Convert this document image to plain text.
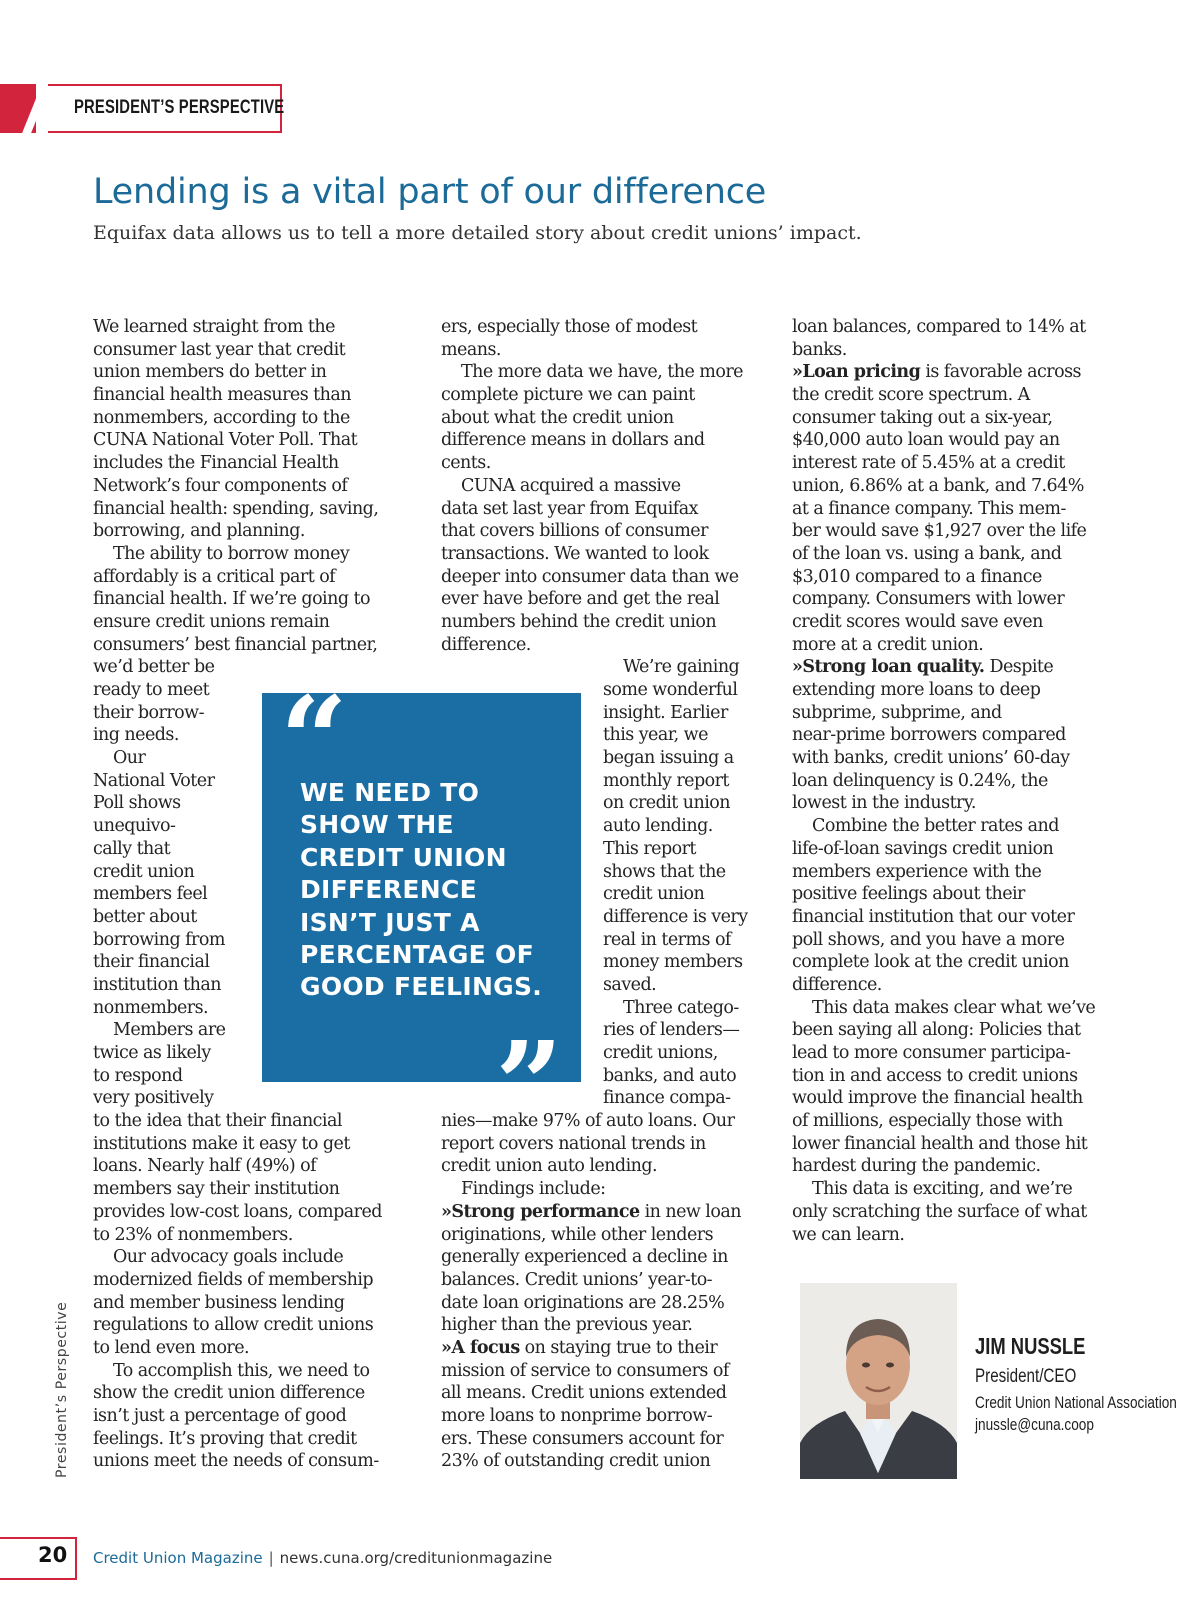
PRESIDENT’S PERSPECTIVE
Lending is a vital part of our difference
Equifax data allows us to tell a more detailed story about credit unions’ impact.
We learned straight from the
consumer last year that credit
union members do better in
financial health measures than
nonmembers, according to the
CUNA National Voter Poll. That
includes the Financial Health
Network’s four components of
financial health: spending, saving,
borrowing, and planning.
The ability to borrow money
affordably is a critical part of
financial health. If we’re going to
ensure credit unions remain
consumers’ best financial partner,
we’d better be
ready to meet
their borrow-
ing needs.
Our
National Voter
Poll shows
unequivo-
cally that
credit union
members feel
better about
borrowing from
their financial
institution than
nonmembers.
Members are
twice as likely
to respond
very positively
to the idea that their financial
institutions make it easy to get
loans. Nearly half (49%) of
members say their institution
provides low-cost loans, compared
to 23% of nonmembers.
Our advocacy goals include
modernized fields of membership
and member business lending
regulations to allow credit unions
to lend even more.
To accomplish this, we need to
show the credit union difference
isn’t just a percentage of good
feelings. It’s proving that credit
unions meet the needs of consum-
ers, especially those of modest
means.
The more data we have, the more
complete picture we can paint
about what the credit union
difference means in dollars and
cents.
CUNA acquired a massive
data set last year from Equifax
that covers billions of consumer
transactions. We wanted to look
deeper into consumer data than we
ever have before and get the real
numbers behind the credit union
difference.
We’re gaining
some wonderful
insight. Earlier
this year, we
began issuing a
monthly report
on credit union
auto lending.
This report
shows that the
credit union
difference is very
real in terms of
money members
saved.
Three catego-
ries of lenders—
credit unions,
banks, and auto
finance compa-
nies—make 97% of auto loans. Our
report covers national trends in
credit union auto lending.
Findings include:
»Strong performance in new loan
originations, while other lenders
generally experienced a decline in
balances. Credit unions’ year-to-
date loan originations are 28.25%
higher than the previous year.
»A focus on staying true to their
mission of service to consumers of
all means. Credit unions extended
more loans to nonprime borrow-
ers. These consumers account for
23% of outstanding credit union
loan balances, compared to 14% at
banks.
»Loan pricing is favorable across
the credit score spectrum. A
consumer taking out a six-year,
$40,000 auto loan would pay an
interest rate of 5.45% at a credit
union, 6.86% at a bank, and 7.64%
at a finance company. This mem-
ber would save $1,927 over the life
of the loan vs. using a bank, and
$3,010 compared to a finance
company. Consumers with lower
credit scores would save even
more at a credit union.
»Strong loan quality. Despite
extending more loans to deep
subprime, subprime, and
near-prime borrowers compared
with banks, credit unions’ 60-day
loan delinquency is 0.24%, the
lowest in the industry.
Combine the better rates and
life-of-loan savings credit union
members experience with the
positive feelings about their
financial institution that our voter
poll shows, and you have a more
complete look at the credit union
difference.
This data makes clear what we’ve
been saying all along: Policies that
lead to more consumer participa-
tion in and access to credit unions
would improve the financial health
of millions, especially those with
lower financial health and those hit
hardest during the pandemic.
This data is exciting, and we’re
only scratching the surface of what
we can learn.
“
WE NEED TO
SHOW THE
CREDIT UNION
DIFFERENCE
ISN’T JUST A
PERCENTAGE OF
GOOD FEELINGS.
”
JIM NUSSLE
President/CEO
Credit Union National Association
jnussle@cuna.coop
President’s Perspective
20 Credit Union Magazine | news.cuna.org/creditunionmagazine
